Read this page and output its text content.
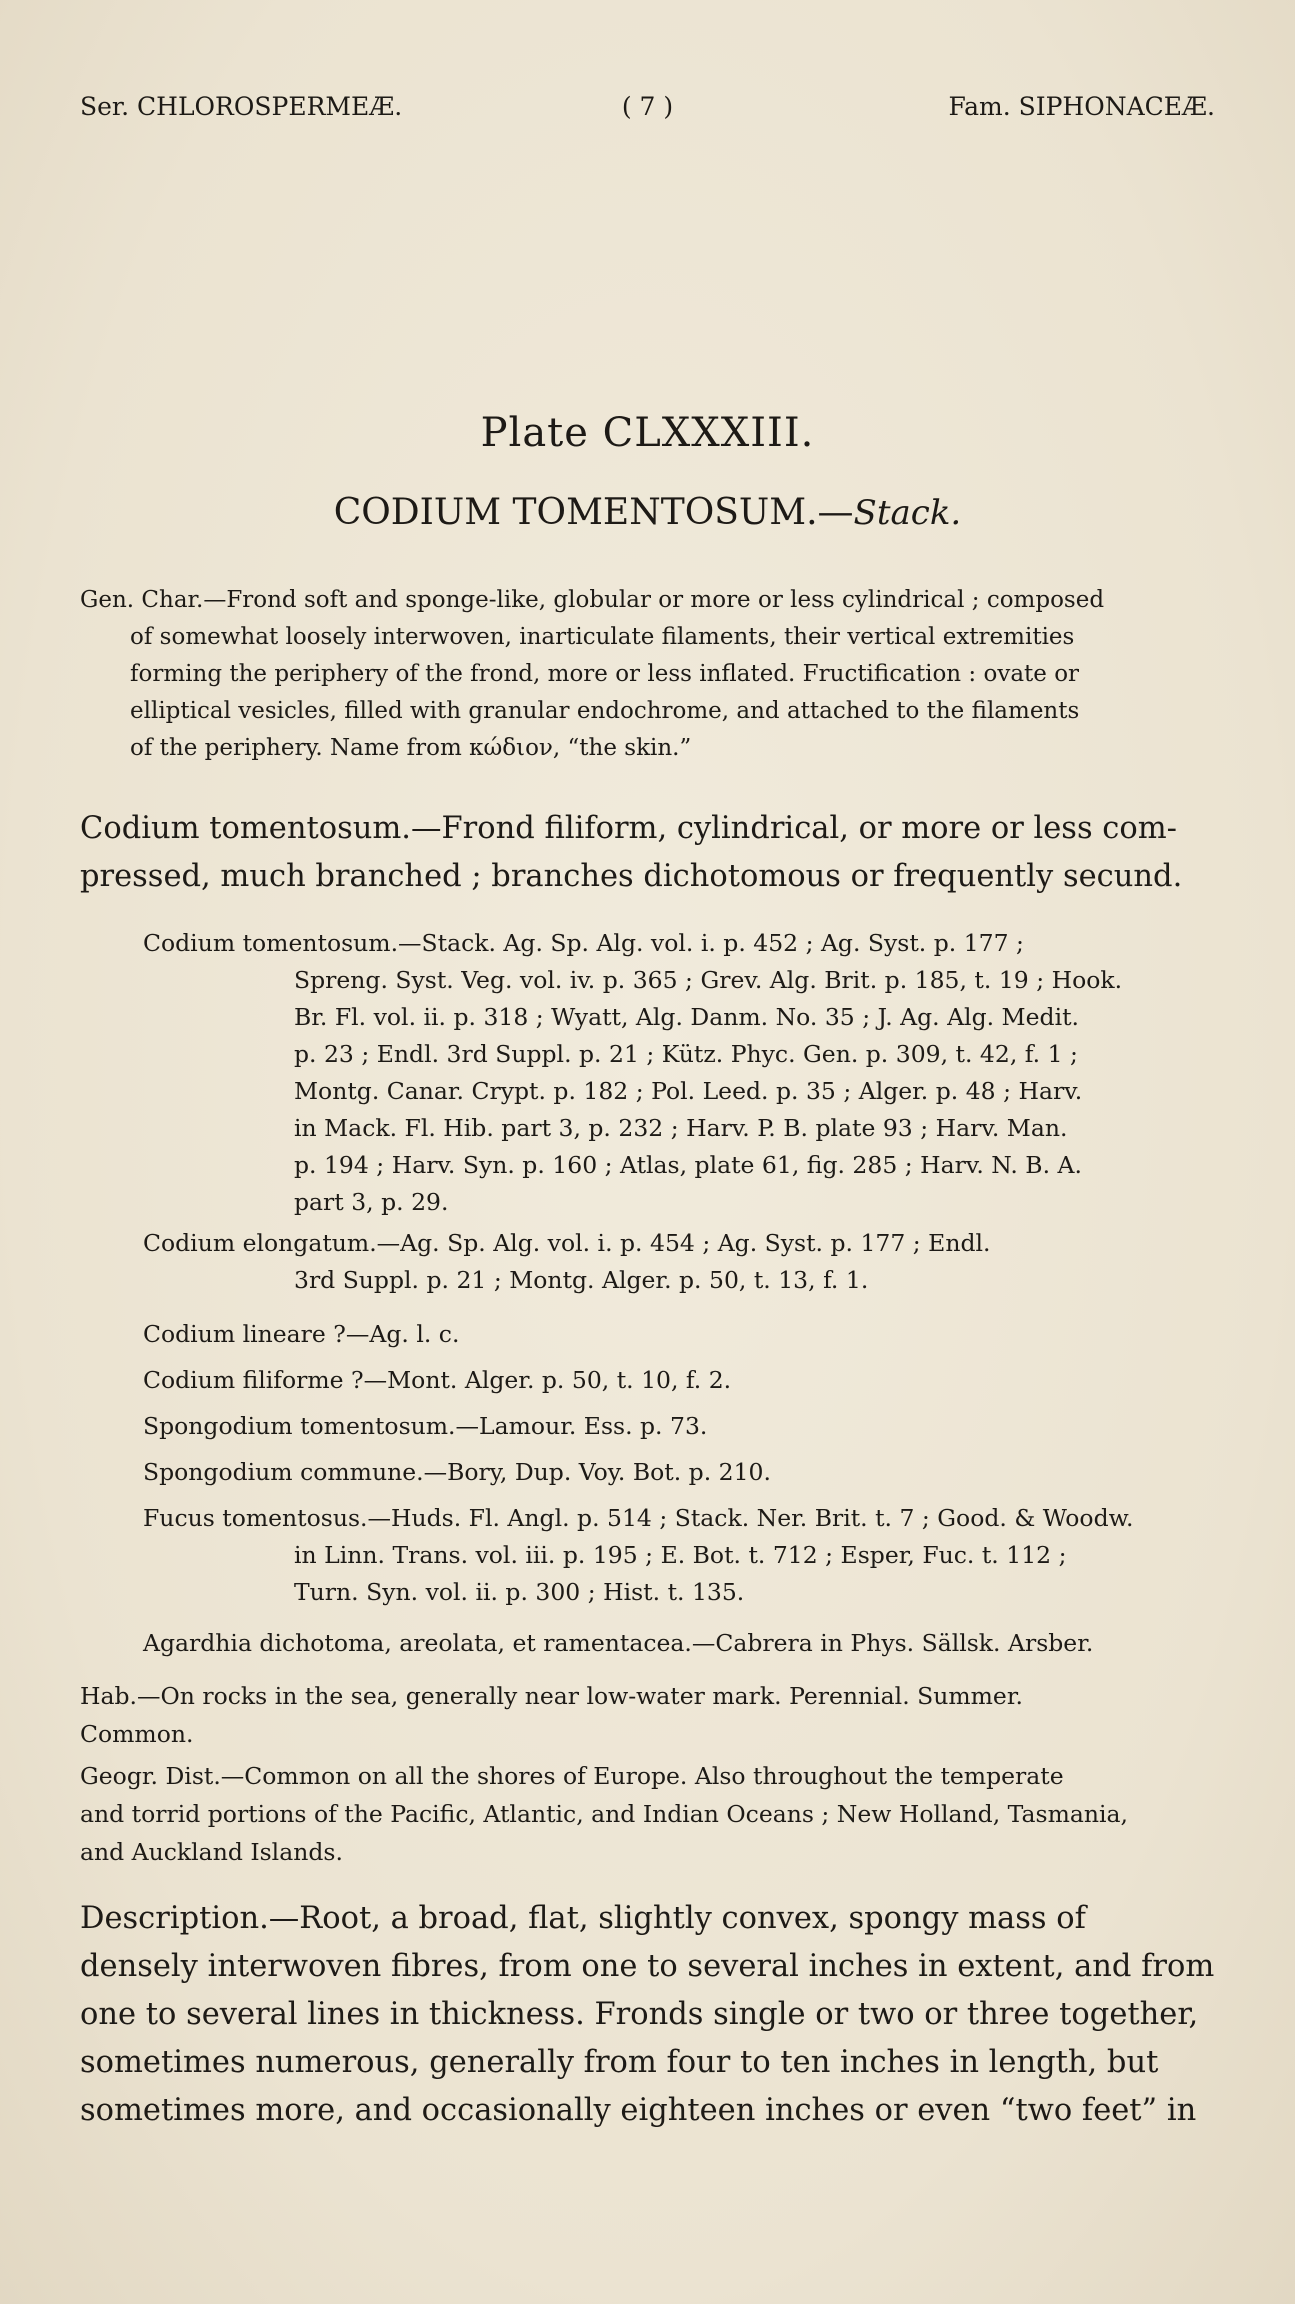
Ser. CHLOROSPERMEÆ.	( 7 )	Fam. SIPHONACEÆ.
Plate CLXXXIII.
CODIUM TOMENTOSUM.—Stack.
Gen. Char.—Frond soft and sponge-like, globular or more or less cylindrical ; composed
of somewhat loosely interwoven, inarticulate filaments, their vertical extremities
forming the periphery of the frond, more or less inflated. Fructification : ovate or
elliptical vesicles, filled with granular endochrome, and attached to the filaments
of the periphery. Name from κώδιον, “the skin.”
Codium tomentosum.—Frond filiform, cylindrical, or more or less com-
pressed, much branched ; branches dichotomous or frequently secund.
Codium tomentosum.—Stack. Ag. Sp. Alg. vol. i. p. 452 ; Ag. Syst. p. 177 ;
Spreng. Syst. Veg. vol. iv. p. 365 ; Grev. Alg. Brit. p. 185, t. 19 ; Hook.
Br. Fl. vol. ii. p. 318 ; Wyatt, Alg. Danm. No. 35 ; J. Ag. Alg. Medit.
p. 23 ; Endl. 3rd Suppl. p. 21 ; Kütz. Phyc. Gen. p. 309, t. 42, f. 1 ;
Montg. Canar. Crypt. p. 182 ; Pol. Leed. p. 35 ; Alger. p. 48 ; Harv.
in Mack. Fl. Hib. part 3, p. 232 ; Harv. P. B. plate 93 ; Harv. Man.
p. 194 ; Harv. Syn. p. 160 ; Atlas, plate 61, fig. 285 ; Harv. N. B. A.
part 3, p. 29.
Codium elongatum.—Ag. Sp. Alg. vol. i. p. 454 ; Ag. Syst. p. 177 ; Endl.
3rd Suppl. p. 21 ; Montg. Alger. p. 50, t. 13, f. 1.
Codium lineare ?—Ag. l. c.
Codium filiforme ?—Mont. Alger. p. 50, t. 10, f. 2.
Spongodium tomentosum.—Lamour. Ess. p. 73.
Spongodium commune.—Bory, Dup. Voy. Bot. p. 210.
Fucus tomentosus.—Huds. Fl. Angl. p. 514 ; Stack. Ner. Brit. t. 7 ; Good. & Woodw.
in Linn. Trans. vol. iii. p. 195 ; E. Bot. t. 712 ; Esper, Fuc. t. 112 ;
Turn. Syn. vol. ii. p. 300 ; Hist. t. 135.
Agardhia dichotoma, areolata, et ramentacea.—Cabrera in Phys. Sällsk. Arsber.
Hab.—On rocks in the sea, generally near low-water mark. Perennial. Summer.
Common.
Geogr. Dist.—Common on all the shores of Europe. Also throughout the temperate
and torrid portions of the Pacific, Atlantic, and Indian Oceans ; New Holland, Tasmania,
and Auckland Islands.
Description.—Root, a broad, flat, slightly convex, spongy mass of
densely interwoven fibres, from one to several inches in extent, and from
one to several lines in thickness. Fronds single or two or three together,
sometimes numerous, generally from four to ten inches in length, but
sometimes more, and occasionally eighteen inches or even “two feet” in
